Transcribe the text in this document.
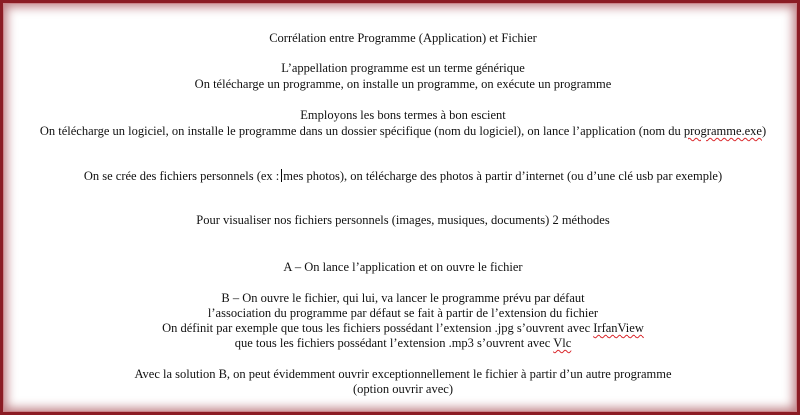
Corrélation entre Programme (Application) et Fichier
L’appellation programme est un terme générique
On télécharge un programme, on installe un programme, on exécute un programme
Employons les bons termes à bon escient
On télécharge un logiciel, on installe le programme dans un dossier spécifique (nom du logiciel), on lance l’application (nom du programme.exe)
On se crée des fichiers personnels (ex : mes photos), on télécharge des photos à partir d’internet (ou d’une clé usb par exemple)
Pour visualiser nos fichiers personnels (images, musiques, documents) 2 méthodes
A – On lance l’application et on ouvre le fichier
B – On ouvre le fichier, qui lui, va lancer le programme prévu par défaut
l’association du programme par défaut se fait à partir de l’extension du fichier
On définit par exemple que tous les fichiers possédant l’extension .jpg s’ouvrent avec IrfanView
que tous les fichiers possédant l’extension .mp3 s’ouvrent avec Vlc
Avec la solution B, on peut évidemment ouvrir exceptionnellement le fichier à partir d’un autre programme
(option ouvrir avec)
